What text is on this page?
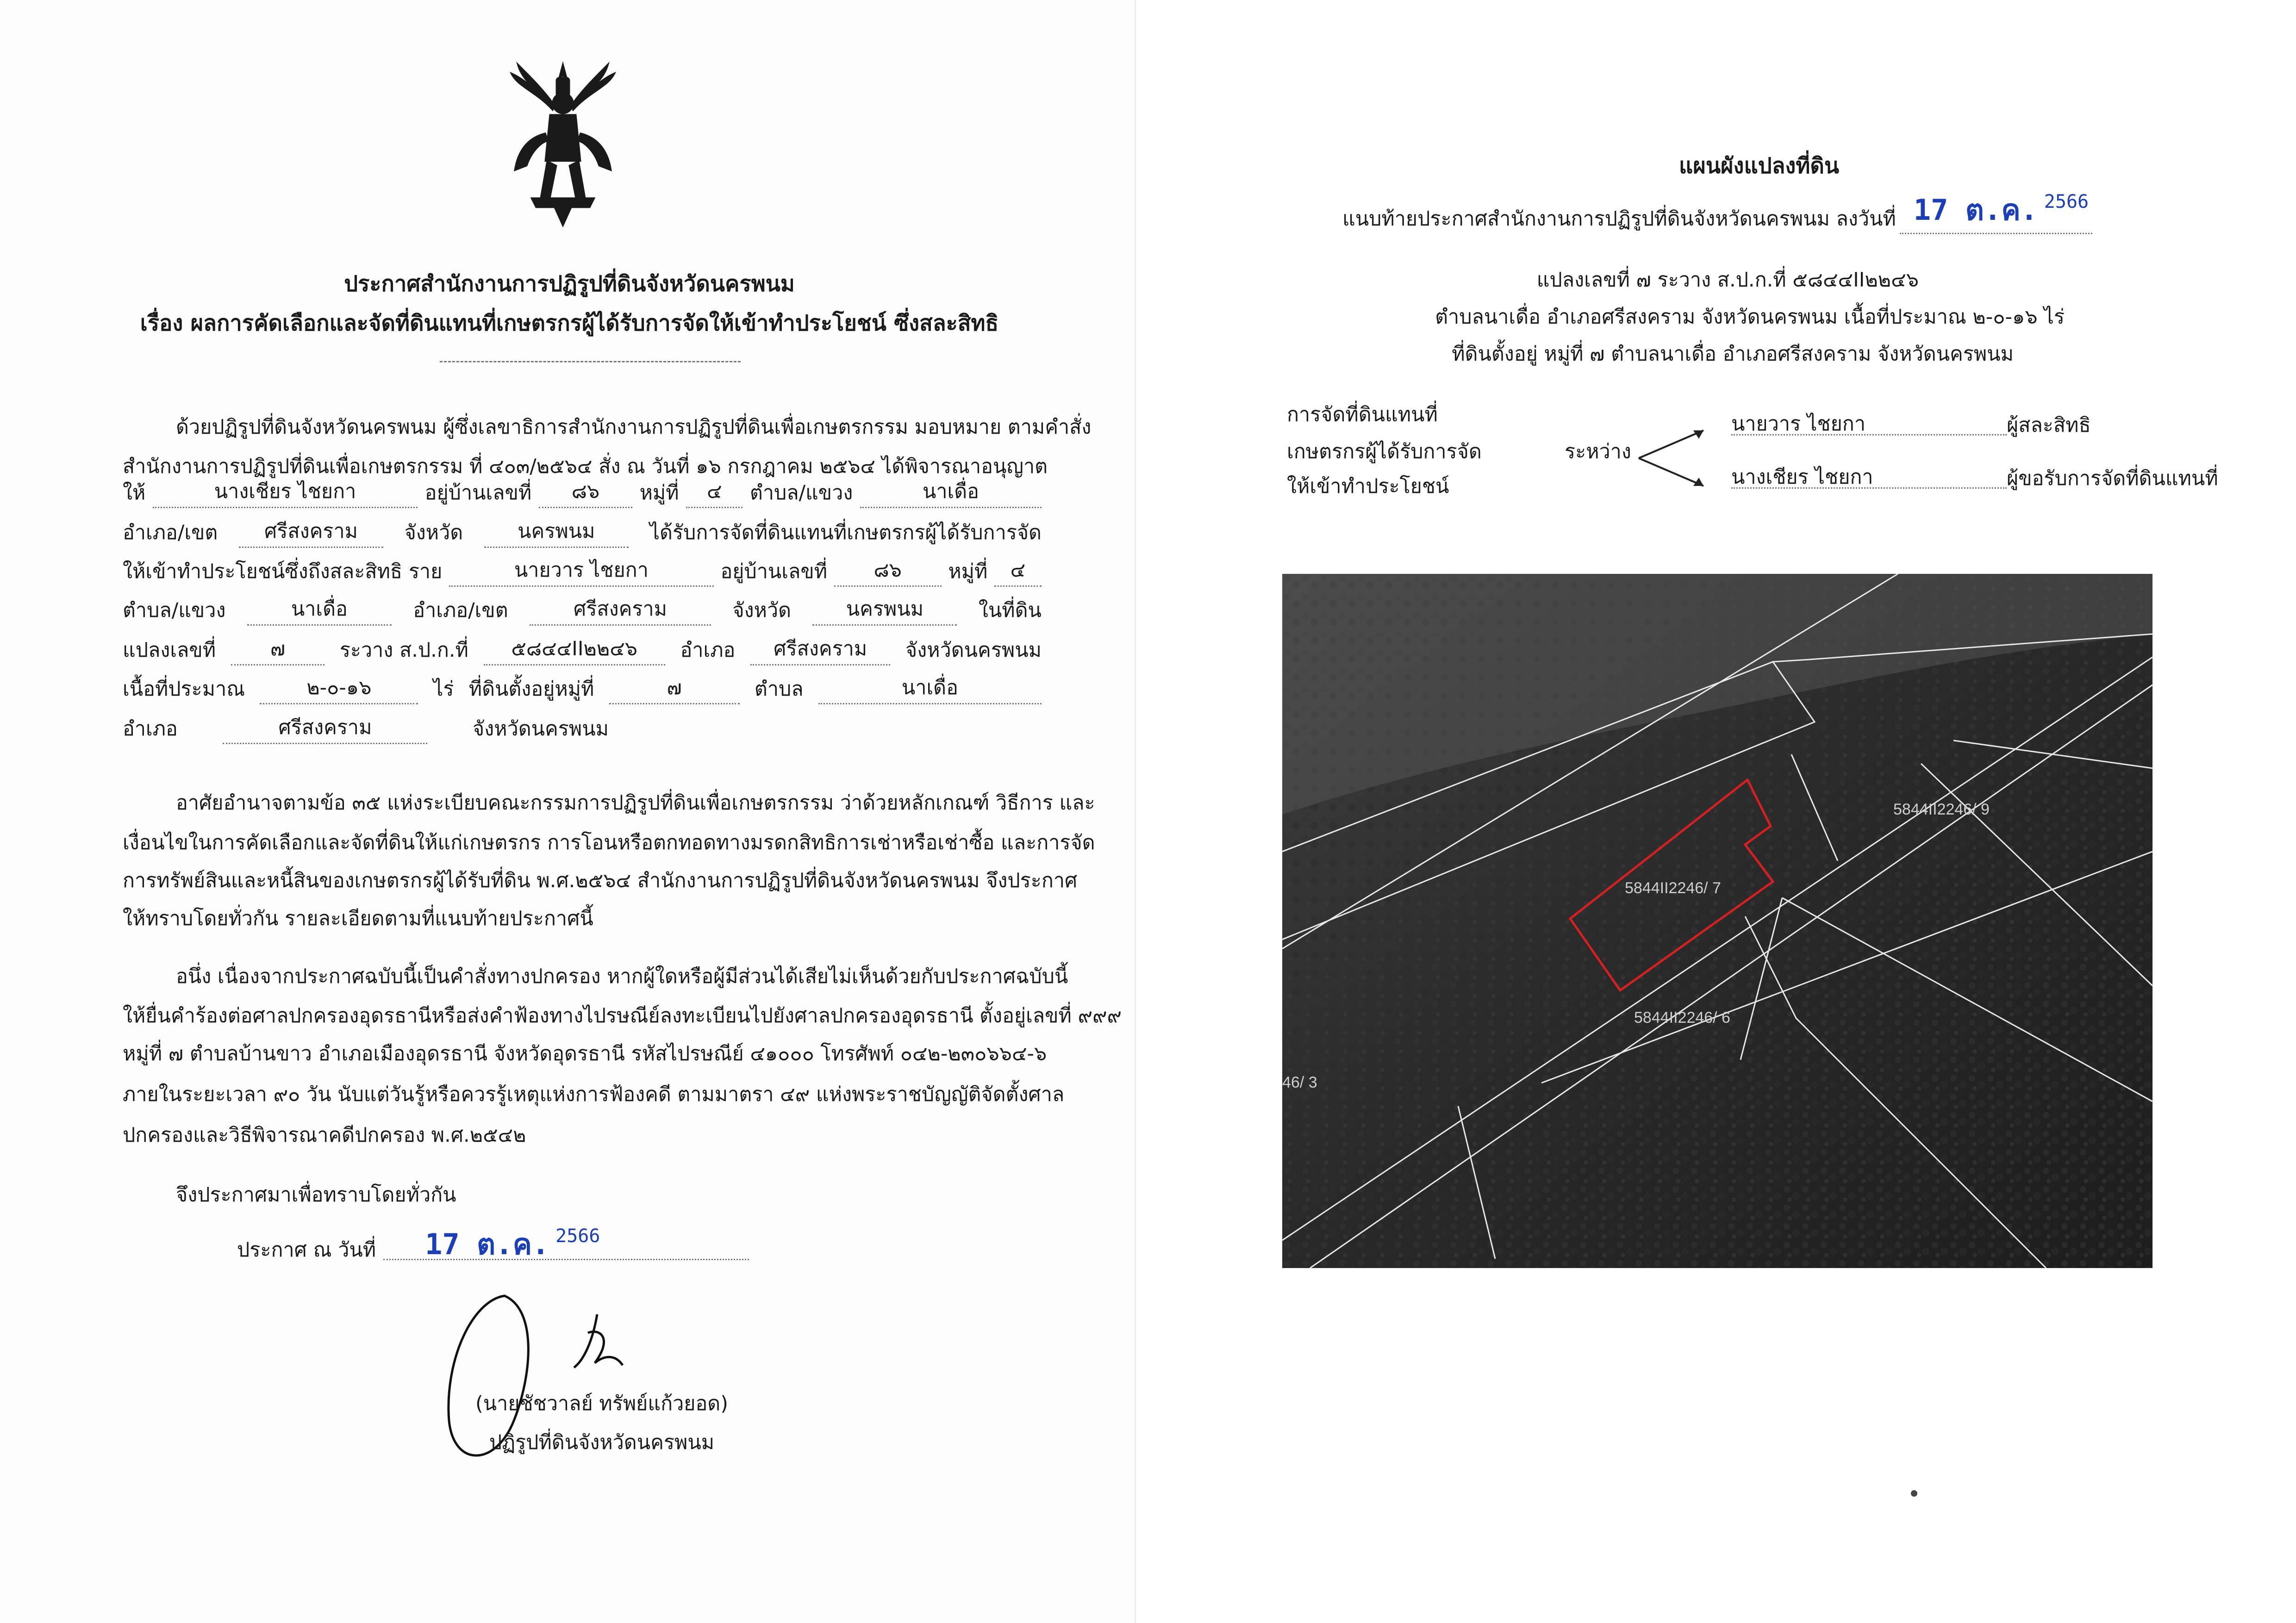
ประกาศสำนักงานการปฏิรูปที่ดินจังหวัดนครพนม
เรื่อง ผลการคัดเลือกและจัดที่ดินแทนที่เกษตรกรผู้ได้รับการจัดให้เข้าทำประโยชน์ ซึ่งสละสิทธิ
ด้วยปฏิรูปที่ดินจังหวัดนครพนม ผู้ซึ่งเลขาธิการสำนักงานการปฏิรูปที่ดินเพื่อเกษตรกรรม มอบหมาย ตามคำสั่ง
สำนักงานการปฏิรูปที่ดินเพื่อเกษตรกรรม ที่ ๔๐๓/๒๕๖๔ สั่ง ณ วันที่ ๑๖ กรกฎาคม ๒๕๖๔ ได้พิจารณาอนุญาต
ให้	นางเชียร ไชยกา	อยู่บ้านเลขที่	๘๖	หมู่ที่	๔	ตำบล/แขวง	นาเดื่อ
อำเภอ/เขต	ศรีสงคราม	จังหวัด	นครพนม	ได้รับการจัดที่ดินแทนที่เกษตรกรผู้ได้รับการจัด
ให้เข้าทำประโยชน์ซึ่งถึงสละสิทธิ ราย	นายวาร ไชยกา	อยู่บ้านเลขที่	๘๖	หมู่ที่	๔
ตำบล/แขวง	นาเดื่อ	อำเภอ/เขต	ศรีสงคราม	จังหวัด	นครพนม	ในที่ดิน
แปลงเลขที่	๗	ระวาง ส.ป.ก.ที่	๕๘๔๔II๒๒๔๖	อำเภอ	ศรีสงคราม	จังหวัดนครพนม
เนื้อที่ประมาณ	๒-๐-๑๖	ไร่ ที่ดินตั้งอยู่หมู่ที่	๗	ตำบล	นาเดื่อ
อำเภอ	ศรีสงคราม	จังหวัดนครพนม
อาศัยอำนาจตามข้อ ๓๕ แห่งระเบียบคณะกรรมการปฏิรูปที่ดินเพื่อเกษตรกรรม ว่าด้วยหลักเกณฑ์ วิธีการ และ
เงื่อนไขในการคัดเลือกและจัดที่ดินให้แก่เกษตรกร การโอนหรือตกทอดทางมรดกสิทธิการเช่าหรือเช่าซื้อ และการจัด
การทรัพย์สินและหนี้สินของเกษตรกรผู้ได้รับที่ดิน พ.ศ.๒๕๖๔ สำนักงานการปฏิรูปที่ดินจังหวัดนครพนม จึงประกาศ
ให้ทราบโดยทั่วกัน รายละเอียดตามที่แนบท้ายประกาศนี้
อนึ่ง เนื่องจากประกาศฉบับนี้เป็นคำสั่งทางปกครอง หากผู้ใดหรือผู้มีส่วนได้เสียไม่เห็นด้วยกับประกาศฉบับนี้
ให้ยื่นคำร้องต่อศาลปกครองอุดรธานีหรือส่งคำฟ้องทางไปรษณีย์ลงทะเบียนไปยังศาลปกครองอุดรธานี ตั้งอยู่เลขที่ ๙๙๙
หมู่ที่ ๗ ตำบลบ้านขาว อำเภอเมืองอุดรธานี จังหวัดอุดรธานี รหัสไปรษณีย์ ๔๑๐๐๐ โทรศัพท์ ๐๔๒-๒๓๐๖๖๔-๖
ภายในระยะเวลา ๙๐ วัน นับแต่วันรู้หรือควรรู้เหตุแห่งการฟ้องคดี ตามมาตรา ๔๙ แห่งพระราชบัญญัติจัดตั้งศาล
ปกครองและวิธีพิจารณาคดีปกครอง พ.ศ.๒๕๔๒
จึงประกาศมาเพื่อทราบโดยทั่วกัน
ประกาศ ณ วันที่	17 ต.ค. 2566
(นายชัชวาลย์ ทรัพย์แก้วยอด)
ปฏิรูปที่ดินจังหวัดนครพนม
แผนผังแปลงที่ดิน
แนบท้ายประกาศสำนักงานการปฏิรูปที่ดินจังหวัดนครพนม ลงวันที่ 17 ต.ค. 2566
แปลงเลขที่ ๗ ระวาง ส.ป.ก.ที่ ๕๘๔๔II๒๒๔๖
ตำบลนาเดื่อ อำเภอศรีสงคราม จังหวัดนครพนม เนื้อที่ประมาณ ๒-๐-๑๖ ไร่
ที่ดินตั้งอยู่ หมู่ที่ ๗ ตำบลนาเดื่อ อำเภอศรีสงคราม จังหวัดนครพนม
การจัดที่ดินแทนที่
เกษตรกรผู้ได้รับการจัด
ให้เข้าทำประโยชน์
ระหว่าง
นายวาร ไชยกา	ผู้สละสิทธิ
นางเชียร ไชยกา	ผู้ขอรับการจัดที่ดินแทนที่
5844II2246/ 7
5844II2246/ 9
5844II2246/ 6
46/ 3
